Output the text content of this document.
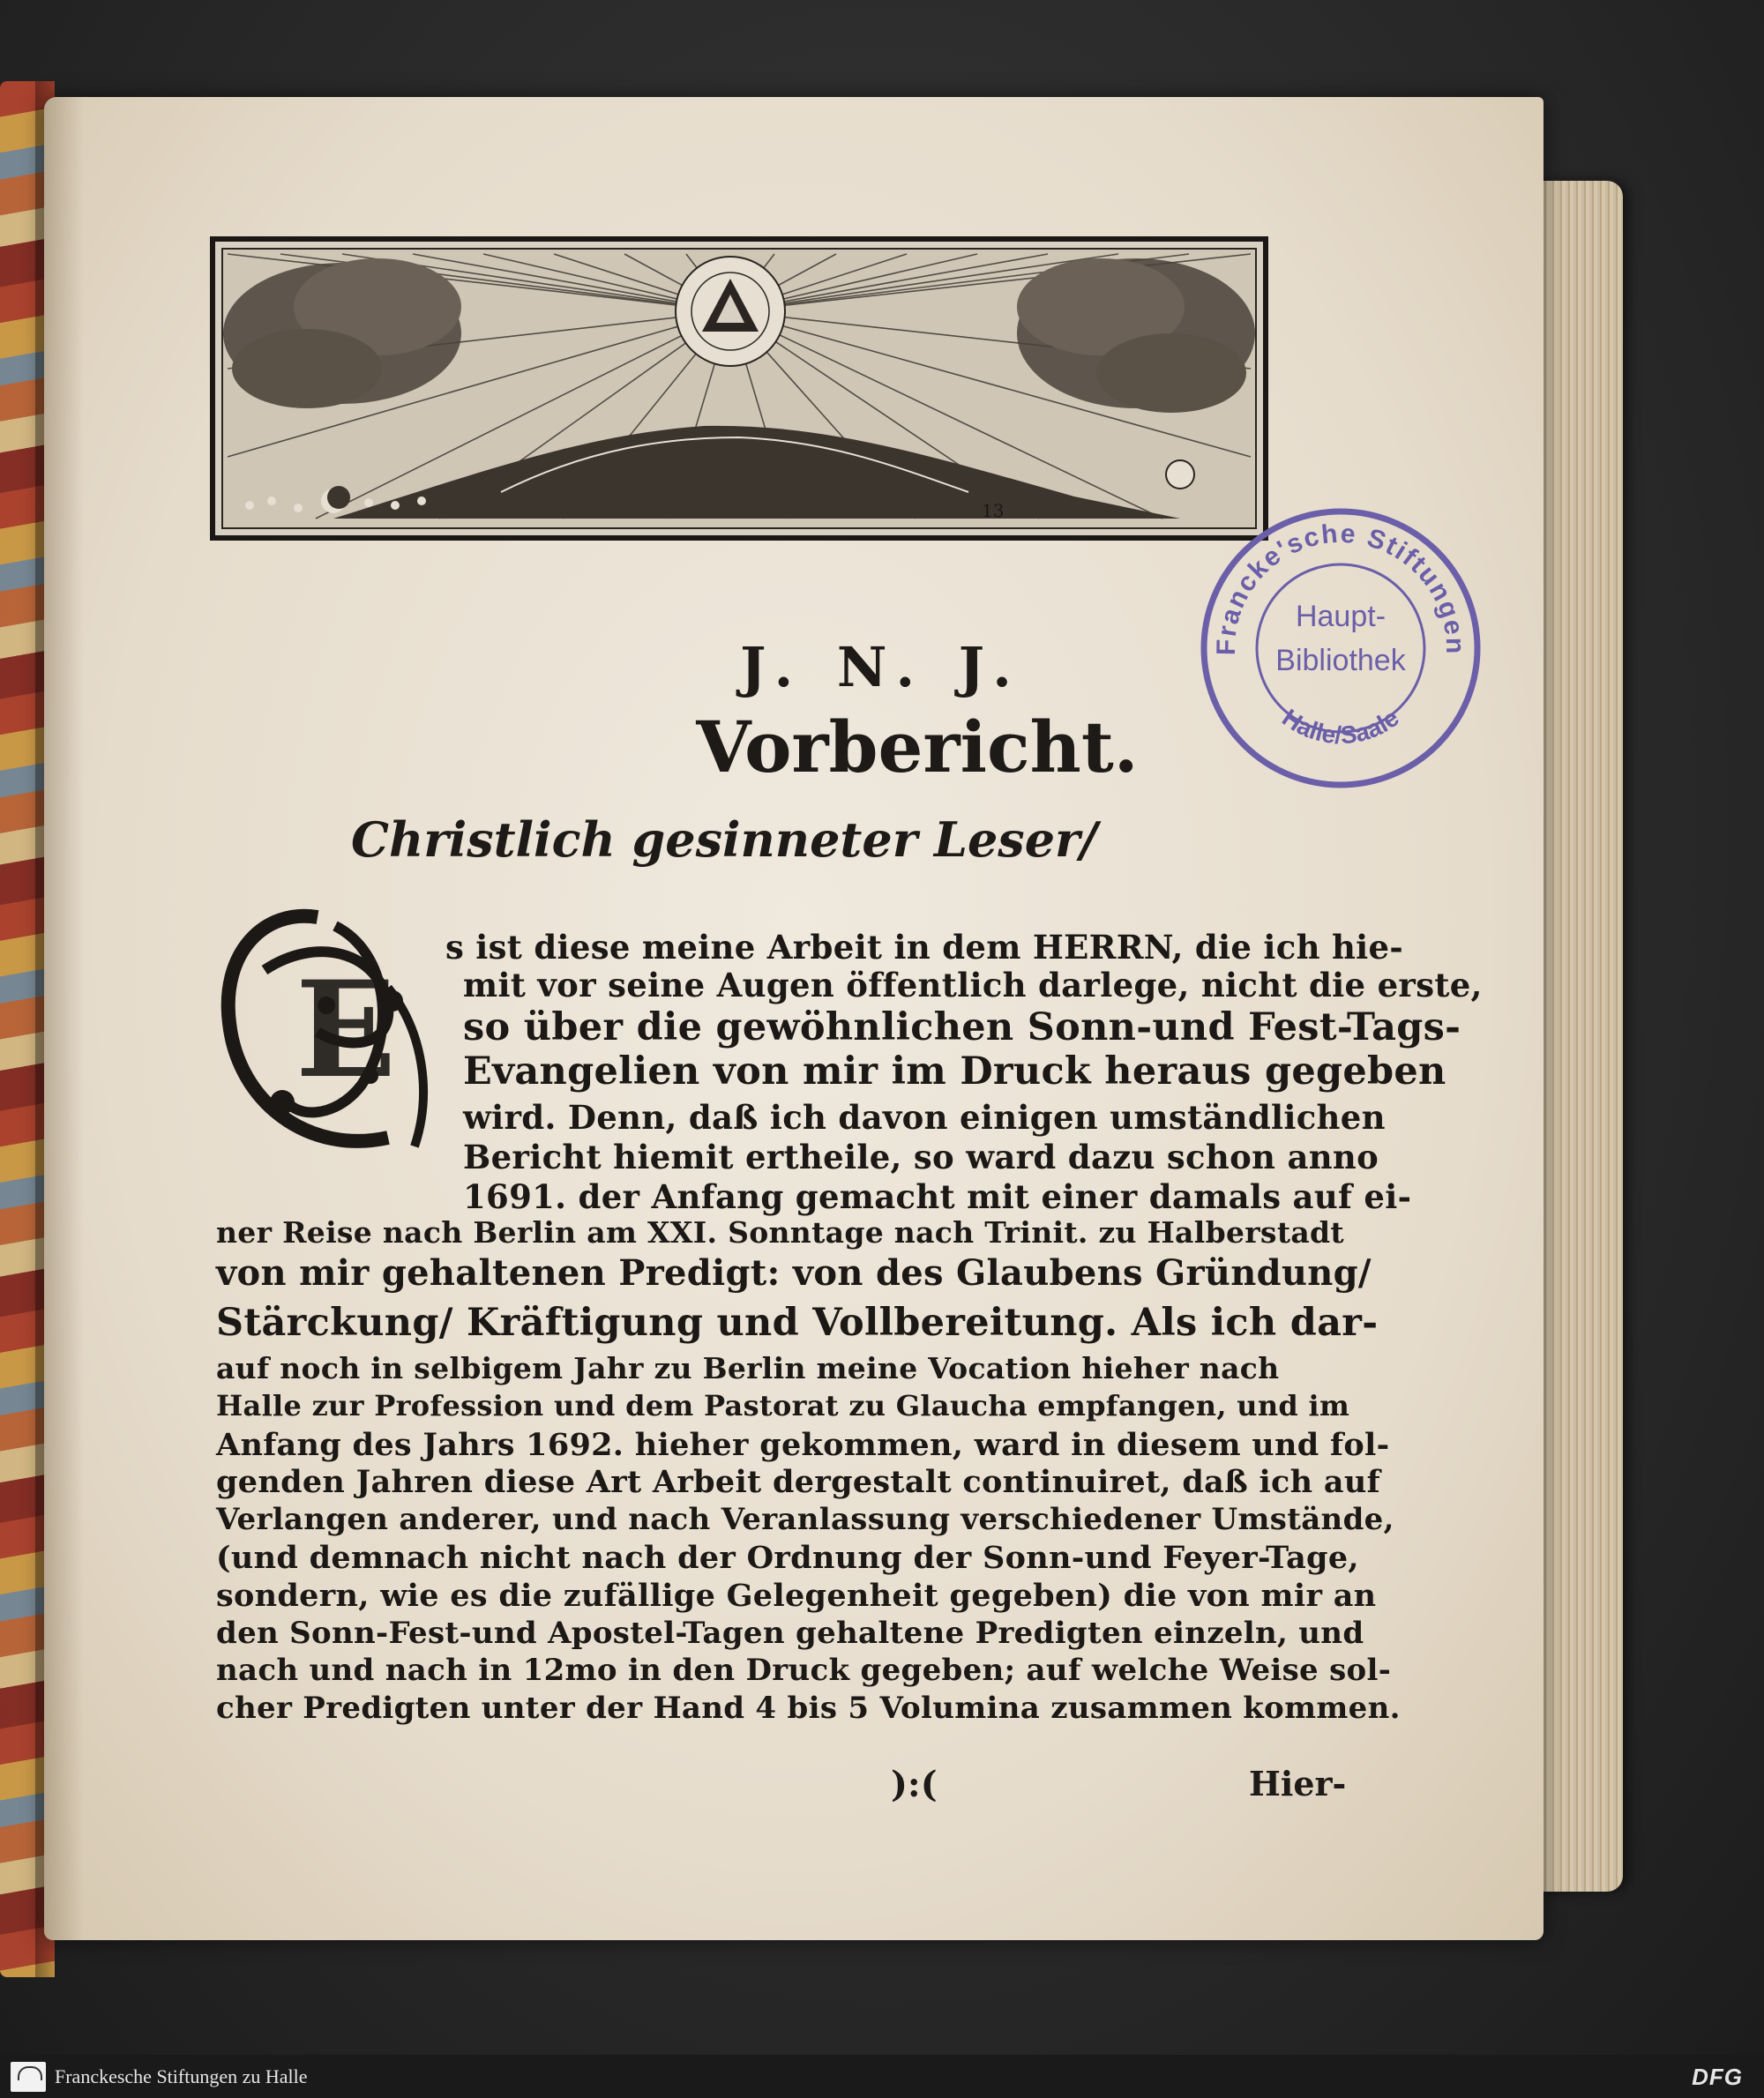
13
Francke'sche Stiftungen
Haupt-
Bibliothek
Halle/Saale
J. N. J.
Vorbericht.
Christlich gesinneter Leser/
E
s ist diese meine Arbeit in dem HERRN, die ich hie-
mit vor seine Augen öffentlich darlege, nicht die erste,
so über die gewöhnlichen Sonn-und Fest-Tags-
Evangelien von mir im Druck heraus gegeben
wird. Denn, daß ich davon einigen umständlichen
Bericht hiemit ertheile, so ward dazu schon anno
1691. der Anfang gemacht mit einer damals auf ei-
ner Reise nach Berlin am XXI. Sonntage nach Trinit. zu Halberstadt
von mir gehaltenen Predigt: von des Glaubens Gründung/
Stärckung/ Kräftigung und Vollbereitung. Als ich dar-
auf noch in selbigem Jahr zu Berlin meine Vocation hieher nach
Halle zur Profession und dem Pastorat zu Glaucha empfangen, und im
Anfang des Jahrs 1692. hieher gekommen, ward in diesem und fol-
genden Jahren diese Art Arbeit dergestalt continuiret, daß ich auf
Verlangen anderer, und nach Veranlassung verschiedener Umstände,
(und demnach nicht nach der Ordnung der Sonn-und Feyer-Tage,
sondern, wie es die zufällige Gelegenheit gegeben) die von mir an
den Sonn-Fest-und Apostel-Tagen gehaltene Predigten einzeln, und
nach und nach in 12mo in den Druck gegeben; auf welche Weise sol-
cher Predigten unter der Hand 4 bis 5 Volumina zusammen kommen.
):(	Hier-
Franckesche Stiftungen zu Halle	DFG
